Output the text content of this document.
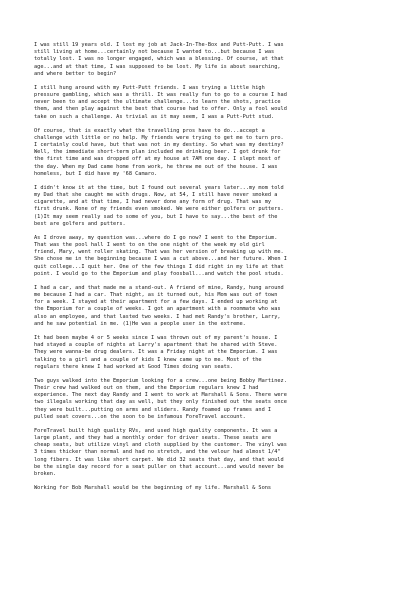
I was still 19 years old. I lost my job at Jack-In-The-Box and Putt-Putt. I was
still living at home...certainly not because I wanted to...but because I was
totally lost. I was no longer engaged, which was a blessing. Of course, at that
age...and at that time, I was supposed to be lost. My life is about searching,
and where better to begin?

I still hung around with my Putt-Putt friends. I was trying a little high
pressure gambling, which was a thrill. It was really fun to go to a course I had
never been to and accept the ultimate challenge...to learn the shots, practice
them, and then play against the best that course had to offer. Only a fool would
take on such a challenge. As trivial as it may seem, I was a Putt-Putt stud.

Of course, that is exactly what the travelling pros have to do...accept a
challenge with little or no help. My friends were trying to get me to turn pro.
I certainly could have, but that was not in my destiny. So what was my destiny?
Well, the immediate short-term plan included me drinking beer. I got drunk for
the first time and was dropped off at my house at 7AM one day. I slept most of
the day. When my Dad came home from work, he threw me out of the house. I was
homeless, but I did have my '68 Camaro.

I didn't know it at the time, but I found out several years later...my mom told
my Dad that she caught me with drugs. Now, at 54, I still have never smoked a
cigarette, and at that time, I had never done any form of drug. That was my
first drunk. None of my friends even smoked. We were either golfers or putters.
(1)It may seem really sad to some of you, but I have to say...the best of the
best are golfers and putters.

As I drove away, my question was...where do I go now? I went to the Emporium.
That was the pool hall I went to on the one night of the week my old girl
friend, Mary, went roller skating. That was her version of breaking up with me.
She chose me in the beginning because I was a cut above...and her future. When I
quit college...I quit her. One of the few things I did right in my life at that
point. I would go to the Emporium and play foosball...and watch the pool studs.

I had a car, and that made me a stand-out. A friend of mine, Randy, hung around
me because I had a car. That night, as it turned out, his Mom was out of town
for a week. I stayed at their apartment for a few days. I ended up working at
the Emporium for a couple of weeks. I got an apartment with a roommate who was
also an employee, and that lasted two weeks. I had met Randy's brother, Larry,
and he saw potential in me. (1)He was a people user in the extreme.

It had been maybe 4 or 5 weeks since I was thrown out of my parent's house. I
had stayed a couple of nights at Larry's apartment that he shared with Steve.
They were wanna-be drug dealers. It was a Friday night at the Emporium. I was
talking to a girl and a couple of kids I knew came up to me. Most of the
regulars there knew I had worked at Good Times doing van seats.

Two guys walked into the Emporium looking for a crew...one being Bobby Martinez.
Their crew had walked out on them, and the Emporium regulars knew I had
experience. The next day Randy and I went to work at Marshall & Sons. There were
two illegals working that day as well, but they only finished out the seats once
they were built...putting on arms and sliders. Randy foamed up frames and I
pulled seat covers...on the soon to be infamous ForeTravel account.

ForeTravel built high quality RVs, and used high quality components. It was a
large plant, and they had a monthly order for driver seats. These seats are
cheap seats, but utilize vinyl and cloth supplied by the customer. The vinyl was
3 times thicker than normal and had no stretch, and the velour had almost 1/4"
long fibers. It was like short carpet. We did 32 seats that day, and that would
be the single day record for a seat puller on that account...and would never be
broken.

Working for Bob Marshall would be the beginning of my life. Marshall & Sons
